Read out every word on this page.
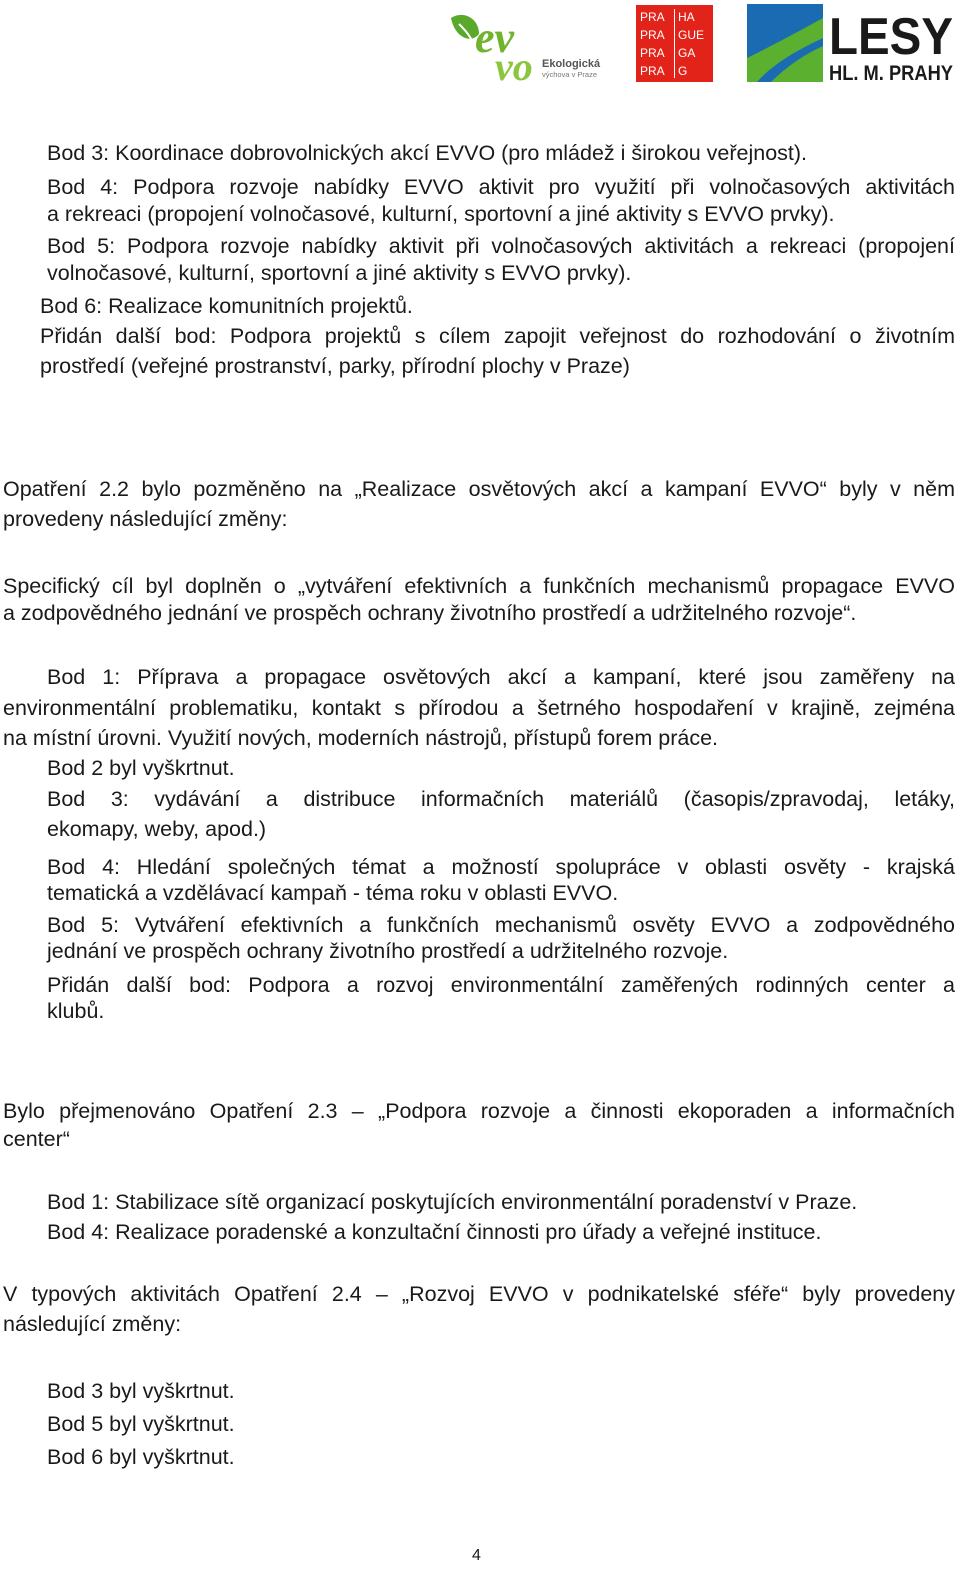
ev
vo Ekologická
výchova v Praze
PRA HA
PRA GUE
PRA GA
PRA G
LESY
HL. M. PRAHY

Bod 3: Koordinace dobrovolnických akcí EVVO (pro mládež i širokou veřejnost).

Bod 4: Podpora rozvoje nabídky EVVO aktivit pro využití při volnočasových aktivitách

a rekreaci (propojení volnočasové, kulturní, sportovní a jiné aktivity s EVVO prvky).

Bod 5: Podpora rozvoje nabídky aktivit při volnočasových aktivitách a rekreaci (propojení

volnočasové, kulturní, sportovní a jiné aktivity s EVVO prvky).

Bod 6: Realizace komunitních projektů.

Přidán další bod: Podpora projektů s cílem zapojit veřejnost do rozhodování o životním

prostředí (veřejné prostranství, parky, přírodní plochy v Praze)

Opatření 2.2 bylo pozměněno na „Realizace osvětových akcí a kampaní EVVO“ byly v něm

provedeny následující změny:

Specifický cíl byl doplněn o „vytváření efektivních a funkčních mechanismů propagace EVVO

a zodpovědného jednání ve prospěch ochrany životního prostředí a udržitelného rozvoje“.

Bod 1: Příprava a propagace osvětových akcí a kampaní, které jsou zaměřeny na

environmentální problematiku, kontakt s přírodou a šetrného hospodaření v krajině, zejména

na místní úrovni. Využití nových, moderních nástrojů, přístupů forem práce.

Bod 2 byl vyškrtnut.

Bod 3: vydávání a distribuce informačních materiálů (časopis/zpravodaj, letáky,

ekomapy, weby, apod.)

Bod 4: Hledání společných témat a možností spolupráce v oblasti osvěty - krajská

tematická a vzdělávací kampaň - téma roku v oblasti EVVO.

Bod 5: Vytváření efektivních a funkčních mechanismů osvěty EVVO a zodpovědného

jednání ve prospěch ochrany životního prostředí a udržitelného rozvoje.

Přidán další bod: Podpora a rozvoj environmentální zaměřených rodinných center a

klubů.

Bylo přejmenováno Opatření 2.3 – „Podpora rozvoje a činnosti ekoporaden a informačních

center“

Bod 1: Stabilizace sítě organizací poskytujících environmentální poradenství v Praze.

Bod 4: Realizace poradenské a konzultační činnosti pro úřady a veřejné instituce.

V typových aktivitách Opatření 2.4 – „Rozvoj EVVO v podnikatelské sféře“ byly provedeny

následující změny:

Bod 3 byl vyškrtnut.

Bod 5 byl vyškrtnut.

Bod 6 byl vyškrtnut.

4
